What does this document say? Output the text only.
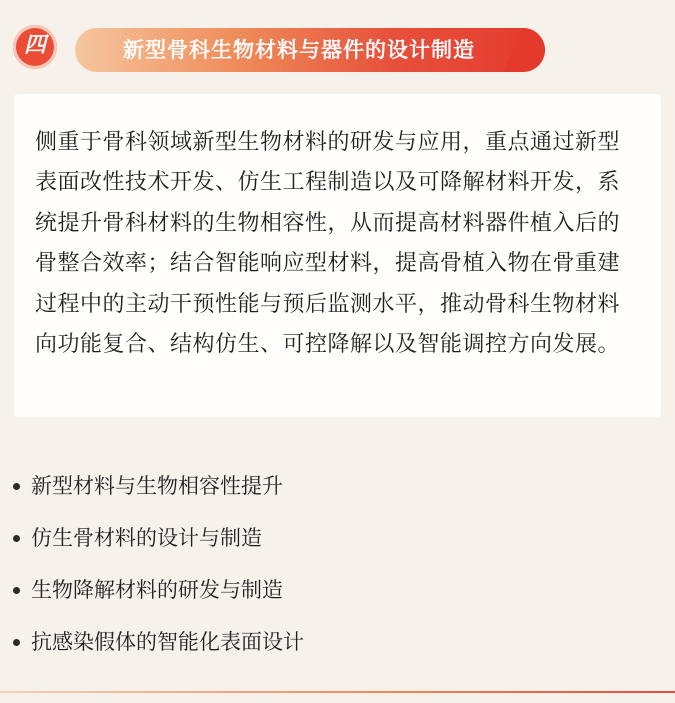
四	新型骨科生物材料与器件的设计制造
侧重于骨科领域新型生物材料的研发与应用，重点通过新型表面改性技术开发、仿生工程制造以及可降解材料开发，系统提升骨科材料的生物相容性，从而提高材料器件植入后的骨整合效率；结合智能响应型材料，提高骨植入物在骨重建过程中的主动干预性能与预后监测水平，推动骨科生物材料向功能复合、结构仿生、可控降解以及智能调控方向发展。
新型材料与生物相容性提升
仿生骨材料的设计与制造
生物降解材料的研发与制造
抗感染假体的智能化表面设计
